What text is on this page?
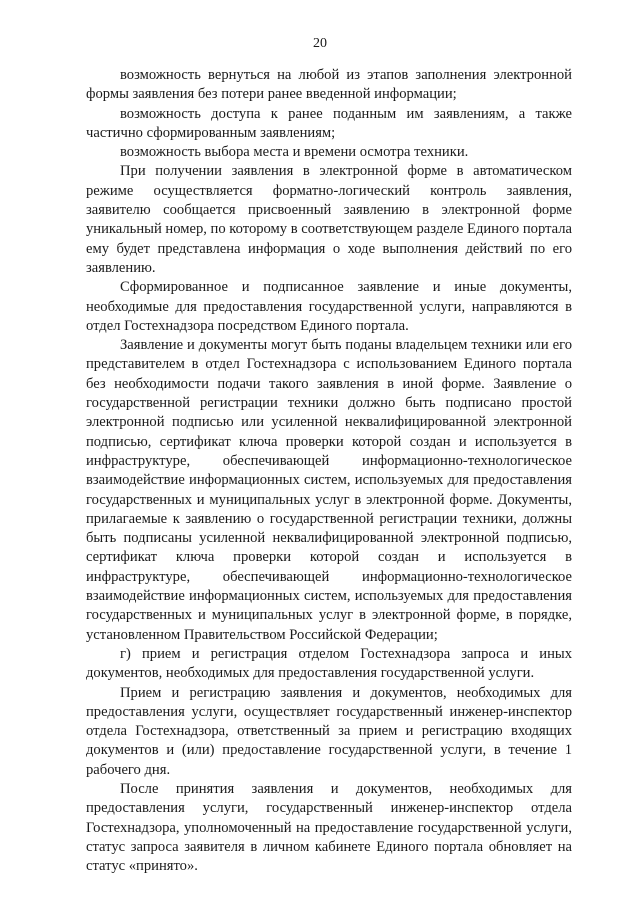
20

возможность вернуться на любой из этапов заполнения электронной формы заявления без потери ранее введенной информации;

возможность доступа к ранее поданным им заявлениям, а также частично сформированным заявлениям;

возможность выбора места и времени осмотра техники.

При получении заявления в электронной форме в автоматическом режиме осуществляется форматно-логический контроль заявления, заявителю сообщается присвоенный заявлению в электронной форме уникальный номер, по которому в соответствующем разделе Единого портала ему будет представлена информация о ходе выполнения действий по его заявлению.

Сформированное и подписанное заявление и иные документы, необходимые для предоставления государственной услуги, направляются в отдел Гостехнадзора посредством Единого портала.

Заявление и документы могут быть поданы владельцем техники или его представителем в отдел Гостехнадзора с использованием Единого портала без необходимости подачи такого заявления в иной форме. Заявление о государственной регистрации техники должно быть подписано простой электронной подписью или усиленной неквалифицированной электронной подписью, сертификат ключа проверки которой создан и используется в инфраструктуре, обеспечивающей информационно-технологическое взаимодействие информационных систем, используемых для предоставления государственных и муниципальных услуг в электронной форме. Документы, прилагаемые к заявлению о государственной регистрации техники, должны быть подписаны усиленной неквалифицированной электронной подписью, сертификат ключа проверки которой создан и используется в инфраструктуре, обеспечивающей информационно-технологическое взаимодействие информационных систем, используемых для предоставления государственных и муниципальных услуг в электронной форме, в порядке, установленном Правительством Российской Федерации;

г) прием и регистрация отделом Гостехнадзора запроса и иных документов, необходимых для предоставления государственной услуги.

Прием и регистрацию заявления и документов, необходимых для предоставления услуги, осуществляет государственный инженер-инспектор отдела Гостехнадзора, ответственный за прием и регистрацию входящих документов и (или) предоставление государственной услуги, в течение 1 рабочего дня.

После принятия заявления и документов, необходимых для предоставления услуги, государственный инженер-инспектор отдела Гостехнадзора, уполномоченный на предоставление государственной услуги, статус запроса заявителя в личном кабинете Единого портала обновляет на статус «принято».
